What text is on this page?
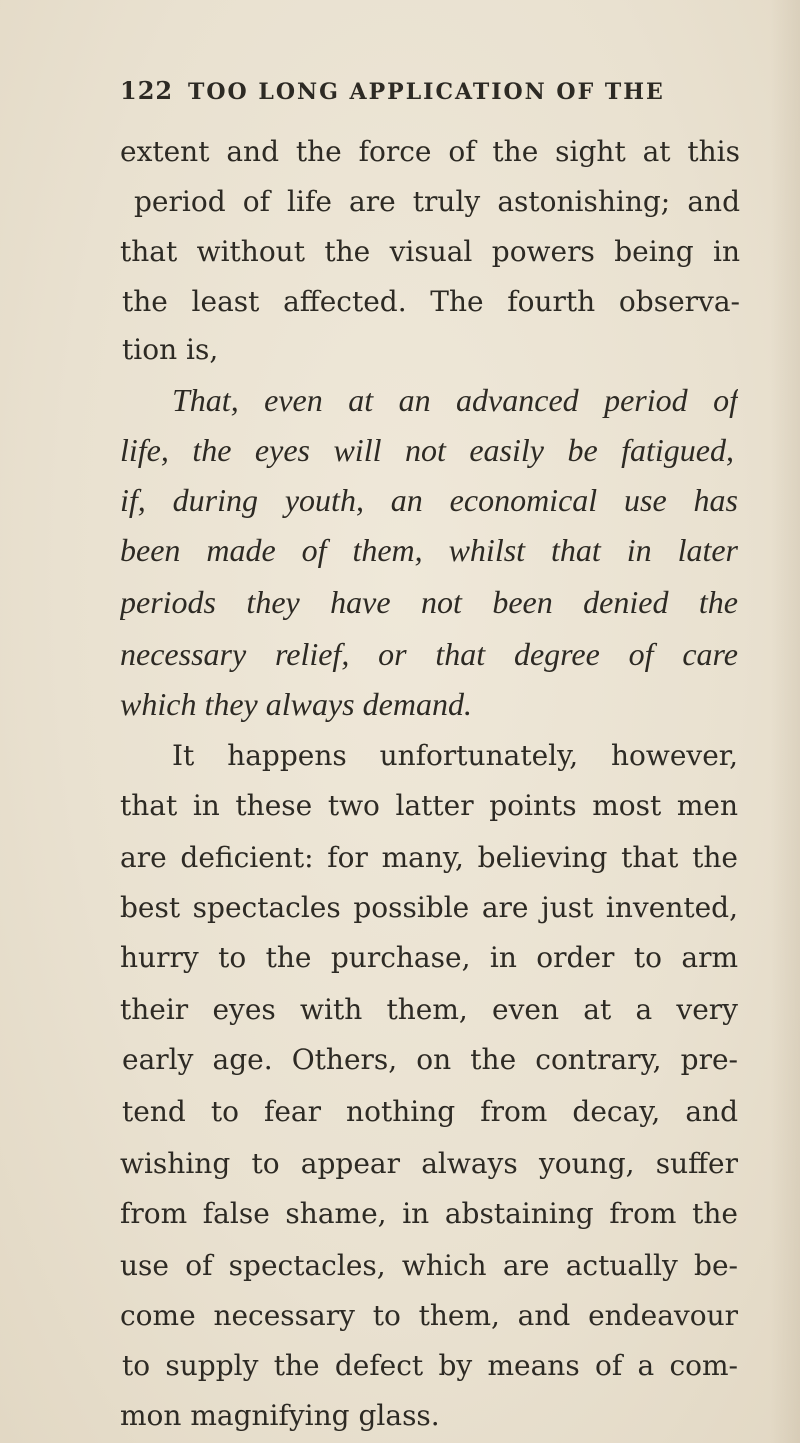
122 TOO LONG APPLICATION OF THE
extent and the force of the sight at this
period of life are truly astonishing; and
that without the visual powers being in
the least affected. The fourth observa-
tion is,
That, even at an advanced period of
life, the eyes will not easily be fatigued,
if, during youth, an economical use has
been made of them, whilst that in later
periods they have not been denied the
necessary relief, or that degree of care
which they always demand.
It happens unfortunately, however,
that in these two latter points most men
are deficient: for many, believing that the
best spectacles possible are just invented,
hurry to the purchase, in order to arm
their eyes with them, even at a very
early age. Others, on the contrary, pre-
tend to fear nothing from decay, and
wishing to appear always young, suffer
from false shame, in abstaining from the
use of spectacles, which are actually be-
come necessary to them, and endeavour
to supply the defect by means of a com-
mon magnifying glass.
